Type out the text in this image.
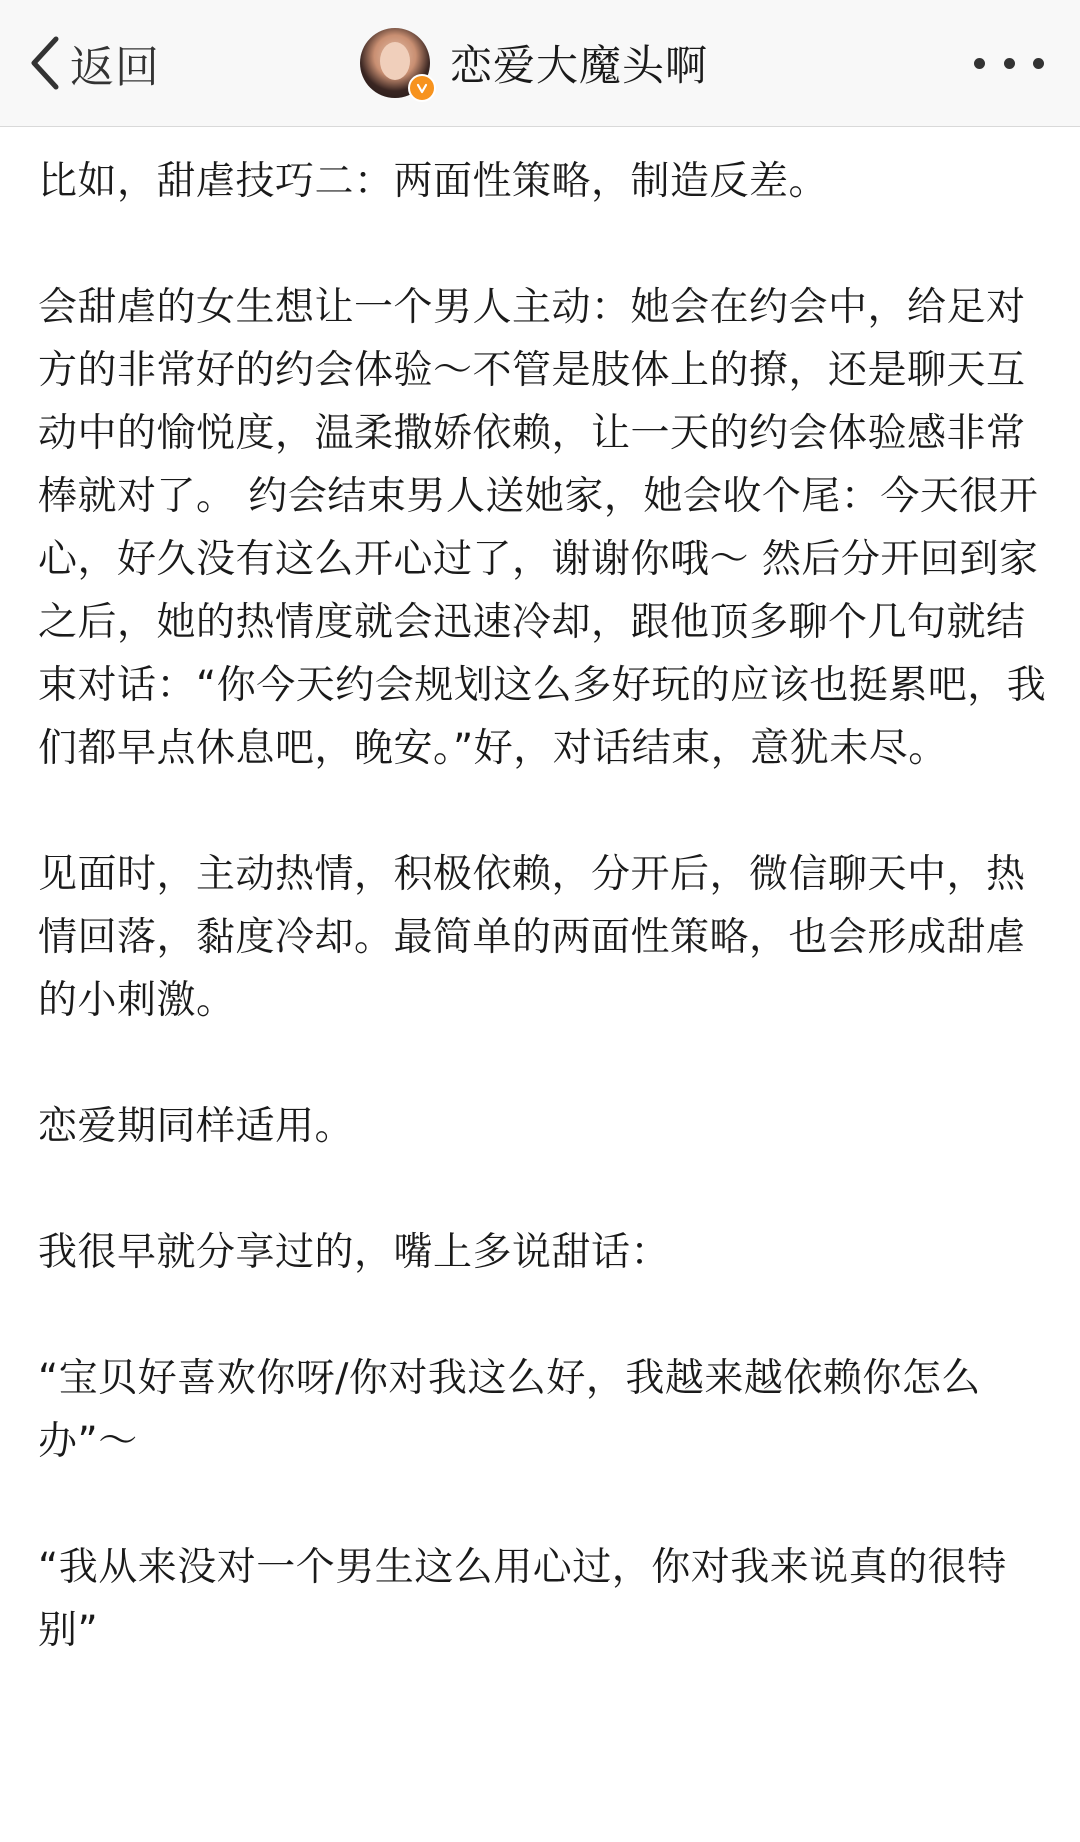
返回	恋爱大魔头啊

比如，甜虐技巧二：两面性策略，制造反差。

会甜虐的女生想让一个男人主动：她会在约会中，给足对方的非常好的约会体验～不管是肢体上的撩，还是聊天互动中的愉悦度，温柔撒娇依赖，让一天的约会体验感非常棒就对了。 约会结束男人送她家，她会收个尾：今天很开心，好久没有这么开心过了，谢谢你哦～ 然后分开回到家之后，她的热情度就会迅速冷却，跟他顶多聊个几句就结束对话：“你今天约会规划这么多好玩的应该也挺累吧，我们都早点休息吧，晚安。”好，对话结束，意犹未尽。

见面时，主动热情，积极依赖，分开后，微信聊天中，热情回落，黏度冷却。最简单的两面性策略，也会形成甜虐的小刺激。

恋爱期同样适用。

我很早就分享过的，嘴上多说甜话：

“宝贝好喜欢你呀/你对我这么好，我越来越依赖你怎么办”～

“我从来没对一个男生这么用心过，你对我来说真的很特别”
